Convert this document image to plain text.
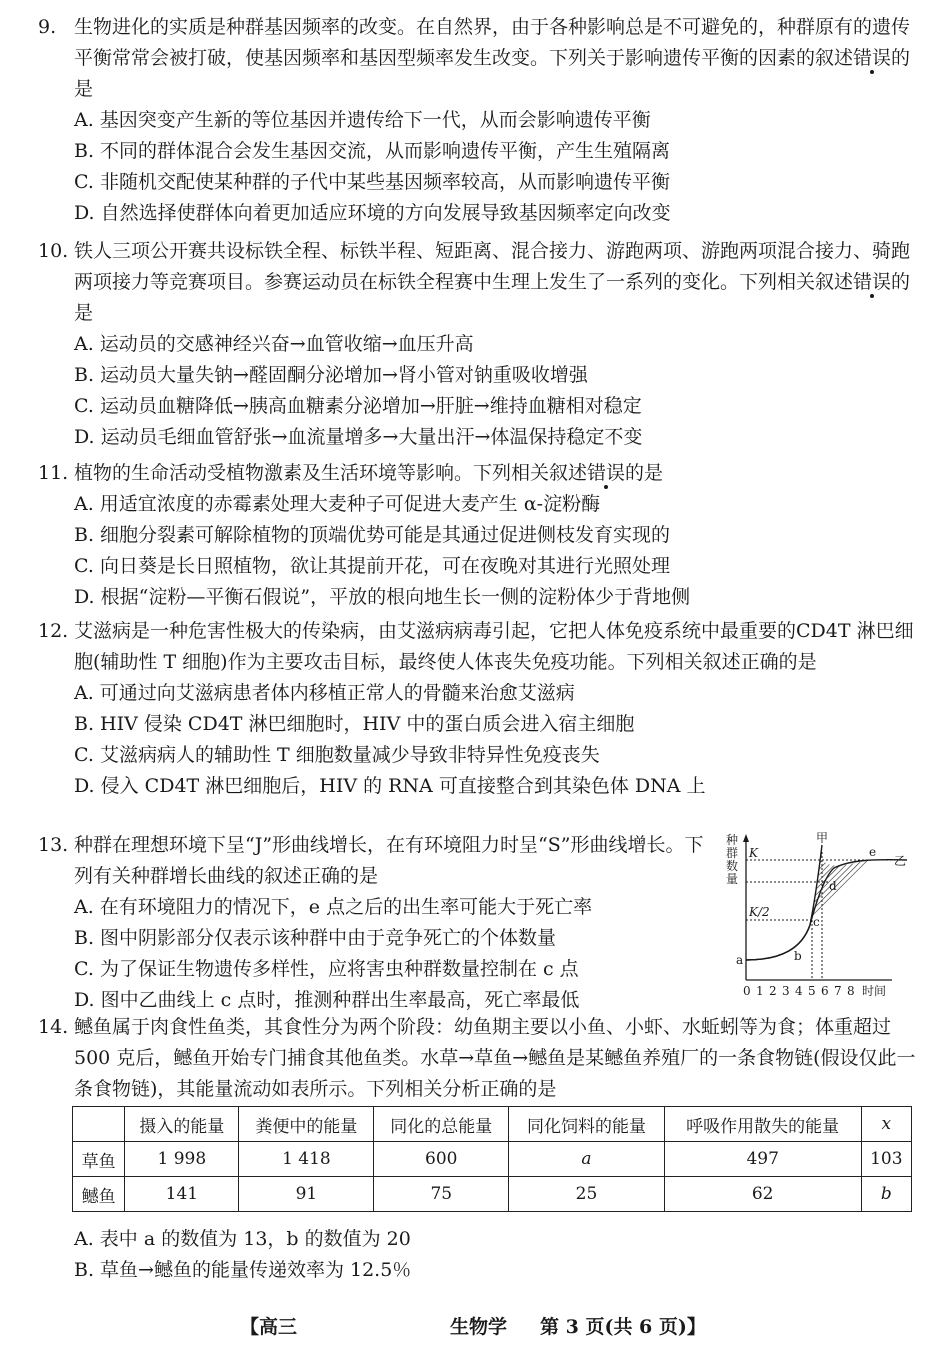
9. 生物进化的实质是种群基因频率的改变。在自然界，由于各种影响总是不可避免的，种群原有的遗传平衡常常会被打破，使基因频率和基因型频率发生改变。下列关于影响遗传平衡的因素的叙述错误的是

A. 基因突变产生新的等位基因并遗传给下一代，从而会影响遗传平衡

B. 不同的群体混合会发生基因交流，从而影响遗传平衡，产生生殖隔离

C. 非随机交配使某种群的子代中某些基因频率较高，从而影响遗传平衡

D. 自然选择使群体向着更加适应环境的方向发展导致基因频率定向改变

10. 铁人三项公开赛共设标铁全程、标铁半程、短距离、混合接力、游跑两项、游跑两项混合接力、骑跑两项接力等竞赛项目。参赛运动员在标铁全程赛中生理上发生了一系列的变化。下列相关叙述错误的是

A. 运动员的交感神经兴奋→血管收缩→血压升高

B. 运动员大量失钠→醛固酮分泌增加→肾小管对钠重吸收增强

C. 运动员血糖降低→胰高血糖素分泌增加→肝脏→维持血糖相对稳定

D. 运动员毛细血管舒张→血流量增多→大量出汗→体温保持稳定不变

11. 植物的生命活动受植物激素及生活环境等影响。下列相关叙述错误的是

A. 用适宜浓度的赤霉素处理大麦种子可促进大麦产生 α-淀粉酶

B. 细胞分裂素可解除植物的顶端优势可能是其通过促进侧枝发育实现的

C. 向日葵是长日照植物，欲让其提前开花，可在夜晚对其进行光照处理

D. 根据“淀粉—平衡石假说”，平放的根向地生长一侧的淀粉体少于背地侧

12. 艾滋病是一种危害性极大的传染病，由艾滋病病毒引起，它把人体免疫系统中最重要的CD4T 淋巴细胞(辅助性 T 细胞)作为主要攻击目标，最终使人体丧失免疫功能。下列相关叙述正确的是

A. 可通过向艾滋病患者体内移植正常人的骨髓来治愈艾滋病

B. HIV 侵染 CD4T 淋巴细胞时，HIV 中的蛋白质会进入宿主细胞

C. 艾滋病病人的辅助性 T 细胞数量减少导致非特异性免疫丧失

D. 侵入 CD4T 淋巴细胞后，HIV 的 RNA 可直接整合到其染色体 DNA 上

13. 种群在理想环境下呈“J”形曲线增长，在有环境阻力时呈“S”形曲线增长。下列有关种群增长曲线的叙述正确的是

A. 在有环境阻力的情况下，e 点之后的出生率可能大于死亡率

B. 图中阴影部分仅表示该种群中由于竞争死亡的个体数量

C. 为了保证生物遗传多样性，应将害虫种群数量控制在 c 点

D. 图中乙曲线上 c 点时，推测种群出生率最高，死亡率最低

种 群 数 量
K
K/2
甲
乙
a	b
c
d
e
0 1 2 3 4 5 6 7 8 时间

14. 鳡鱼属于肉食性鱼类，其食性分为两个阶段：幼鱼期主要以小鱼、小虾、水蚯蚓等为食；体重超过 500 克后，鳡鱼开始专门捕食其他鱼类。水草→草鱼→鳡鱼是某鳡鱼养殖厂的一条食物链(假设仅此一条食物链)，其能量流动如表所示。下列相关分析正确的是

	摄入的能量	粪便中的能量	同化的总能量	同化饲料的能量	呼吸作用散失的能量	x
草鱼	1 998	1 418	600	a	497	103
鳡鱼	141	91	75	25	62	b

A. 表中 a 的数值为 13，b 的数值为 20

B. 草鱼→鳡鱼的能量传递效率为 12.5％

【高三	生物学 第 3 页(共 6 页)】
